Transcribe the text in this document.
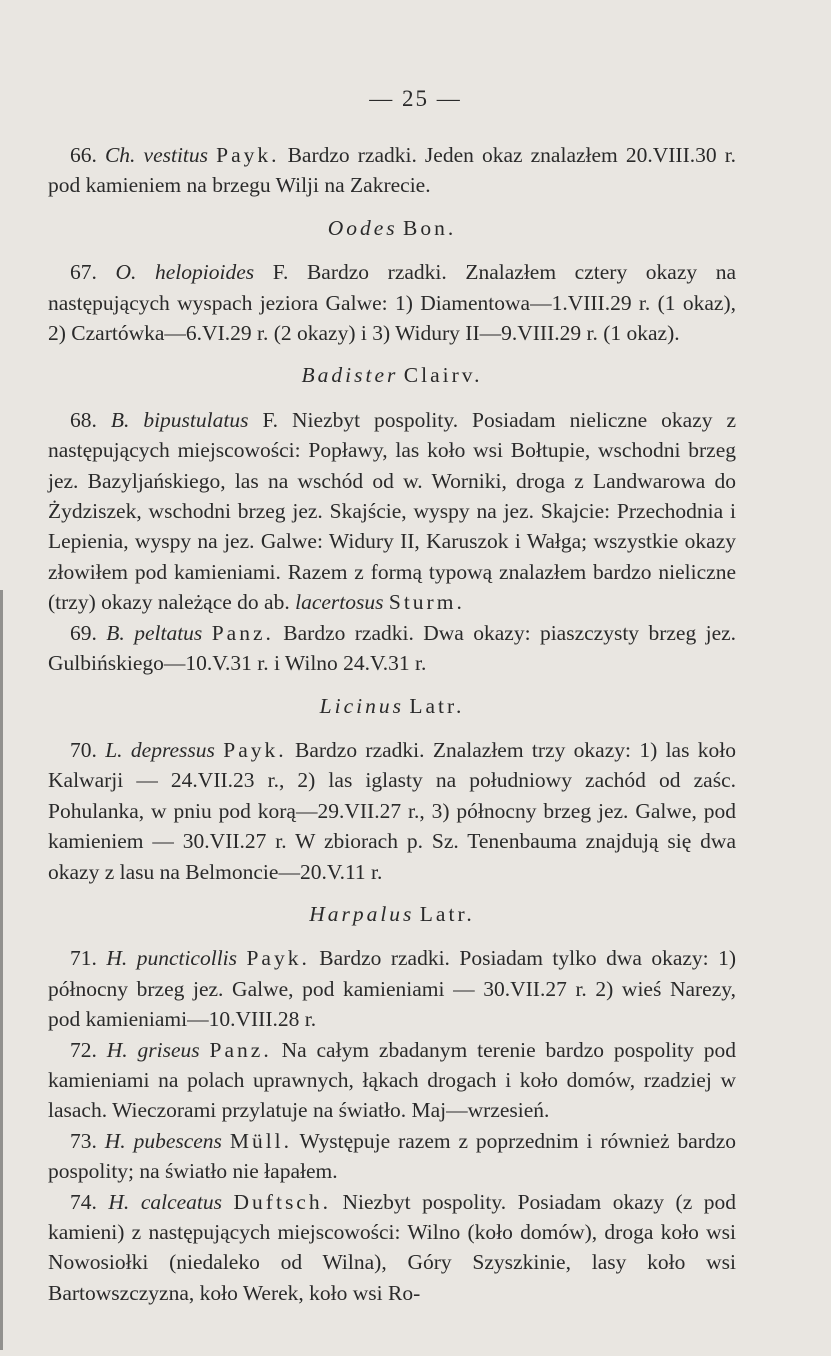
— 25 —

66. Ch. vestitus Payk. Bardzo rzadki. Jeden okaz znalazłem 20.VIII.30 r. pod kamieniem na brzegu Wilji na Zakrecie.

Oodes Bon.

67. O. helopioides F. Bardzo rzadki. Znalazłem cztery okazy na następujących wyspach jeziora Galwe: 1) Diamentowa—1.VIII.29 r. (1 okaz), 2) Czartówka—6.VI.29 r. (2 okazy) i 3) Widury II—9.VIII.29 r. (1 okaz).

Badister Clairv.

68. B. bipustulatus F. Niezbyt pospolity. Posiadam nieliczne okazy z następujących miejscowości: Popławy, las koło wsi Bołtupie, wschodni brzeg jez. Bazyljańskiego, las na wschód od w. Worniki, droga z Landwarowa do Żydziszek, wschodni brzeg jez. Skajście, wyspy na jez. Skajcie: Przechodnia i Lepienia, wyspy na jez. Galwe: Widury II, Karuszok i Wałga; wszystkie okazy złowiłem pod kamieniami. Razem z formą typową znalazłem bardzo nieliczne (trzy) okazy należące do ab. lacertosus Sturm.

69. B. peltatus Panz. Bardzo rzadki. Dwa okazy: piaszczysty brzeg jez. Gulbińskiego—10.V.31 r. i Wilno 24.V.31 r.

Licinus Latr.

70. L. depressus Payk. Bardzo rzadki. Znalazłem trzy okazy: 1) las koło Kalwarji — 24.VII.23 r., 2) las iglasty na południowy zachód od zaśc. Pohulanka, w pniu pod korą—29.VII.27 r., 3) północny brzeg jez. Galwe, pod kamieniem — 30.VII.27 r. W zbiorach p. Sz. Tenenbauma znajdują się dwa okazy z lasu na Belmoncie—20.V.11 r.

Harpalus Latr.

71. H. puncticollis Payk. Bardzo rzadki. Posiadam tylko dwa okazy: 1) północny brzeg jez. Galwe, pod kamieniami — 30.VII.27 r. 2) wieś Narezy, pod kamieniami—10.VIII.28 r.

72. H. griseus Panz. Na całym zbadanym terenie bardzo pospolity pod kamieniami na polach uprawnych, łąkach drogach i koło domów, rzadziej w lasach. Wieczorami przylatuje na światło. Maj—wrzesień.

73. H. pubescens Müll. Występuje razem z poprzednim i również bardzo pospolity; na światło nie łapałem.

74. H. calceatus Duftsch. Niezbyt pospolity. Posiadam okazy (z pod kamieni) z następujących miejscowości: Wilno (koło domów), droga koło wsi Nowosiołki (niedaleko od Wilna), Góry Szyszkinie, lasy koło wsi Bartowszczyzna, koło Werek, koło wsi Ro-
